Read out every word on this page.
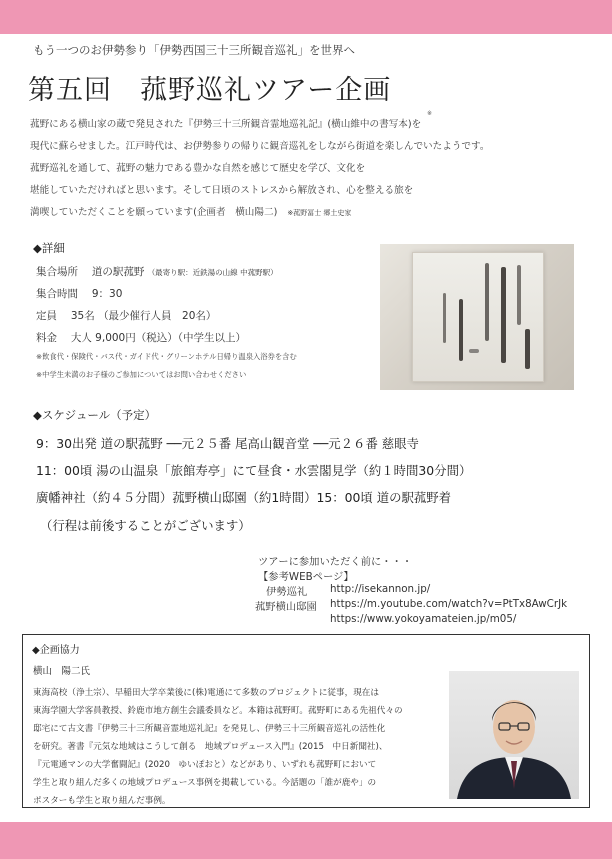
もう一つのお伊勢参り「伊勢西国三十三所観音巡礼」を世界へ
第五回　菰野巡礼ツアー企画
菰野にある横山家の蔵で発見された『伊勢三十三所観音霊地巡礼記』(横山維中の書写本)を
※
現代に蘇らせました。江戸時代は、お伊勢参りの帰りに観音巡礼をしながら街道を楽しんでいたようです。
菰野巡礼を通して、菰野の魅力である豊かな自然を感じて歴史を学び、文化を
堪能していただければと思います。そして日頃のストレスから解放され、心を整える旅を
満喫していただくことを願っています(企画者　横山陽二) ※菰野冨士 郷土史家
◆詳細
集合場所　 道の駅菰野 （最寄り駅：近鉄湯の山線 中菰野駅）
集合時間　 9：30
定員　 35名 （最少催行人員　20名）
料金　 大人 9,000円（税込）（中学生以上）
※飲食代・保険代・バス代・ガイド代・グリーンホテル日帰り温泉入浴券を含む
※中学生未満のお子様のご参加についてはお問い合わせください
◆スケジュール（予定）
9：30出発 道の駅菰野 ──元２５番 尾高山観音堂 ──元２６番 慈眼寺
11：00頃 湯の山温泉「旅館寿亭」にて昼食・水雲閣見学（約１時間30分間）
廣幡神社（約４５分間）菰野横山邸園（約1時間）15：00頃 道の駅菰野着
（行程は前後することがございます）
ツアーに参加いただく前に・・・
【参考WEBページ】
伊勢巡礼 http://isekannon.jp/
菰野横山邸園 https://m.youtube.com/watch?v=PtTx8AwCrJk
https://www.yokoyamateien.jp/m05/
◆企画協力
横山　陽二氏
東海高校（浄土宗）、早稲田大学卒業後に(株)電通にて多数のプロジェクトに従事，現在は
東海学園大学客員教授、鈴鹿市地方創生会議委員など。本籍は菰野町。菰野町にある先祖代々の
邸宅にて古文書『伊勢三十三所観音霊地巡礼記』を発見し、伊勢三十三所観音巡礼の活性化
を研究。著書『元気な地域はこうして創る　地域プロデュース入門』(2015　中日新聞社)、
『元電通マンの大学奮闘記』(2020　ゆいぽおと）などがあり、いずれも菰野町において
学生と取り組んだ多くの地域プロデュース事例を掲載している。今話題の「誰が鹿や」の
ポスターも学生と取り組んだ事例。
